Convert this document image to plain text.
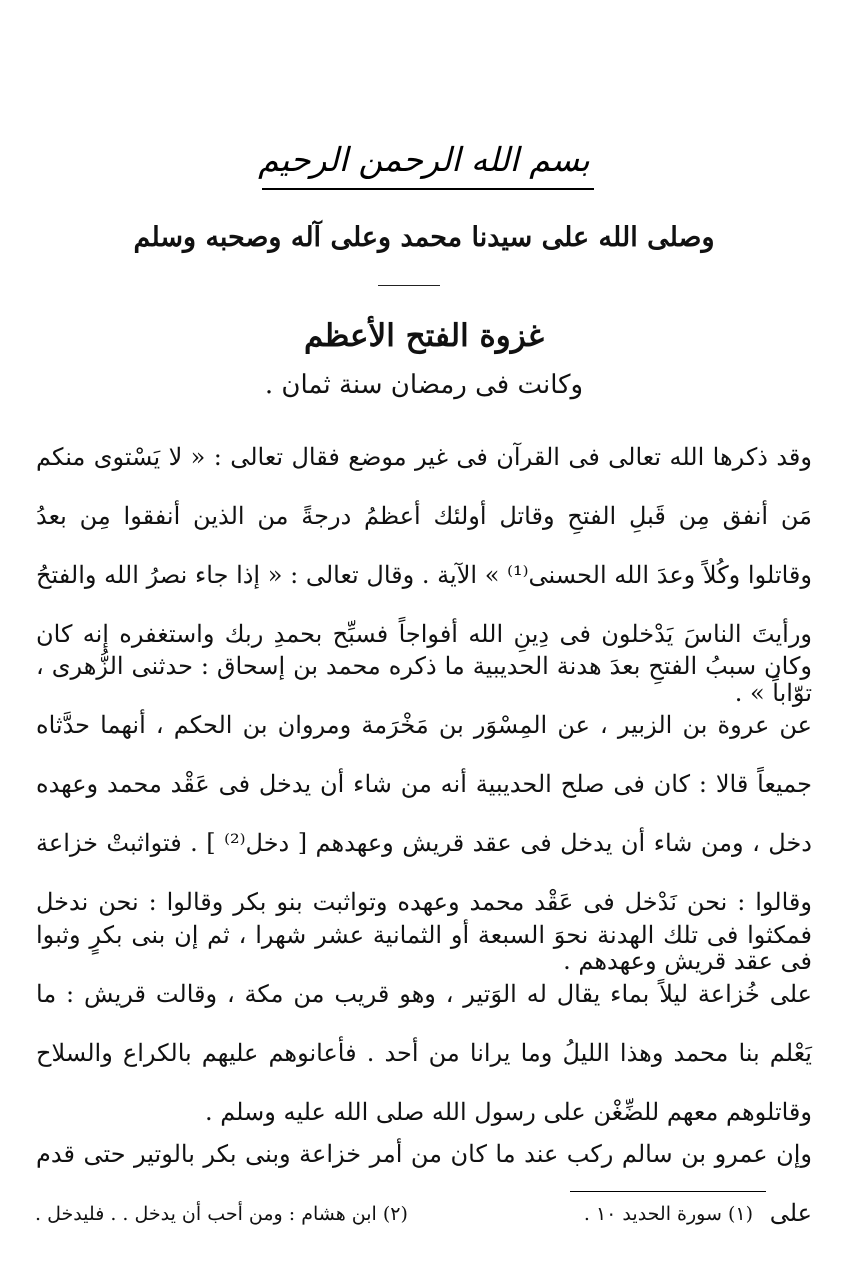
بسم الله الرحمن الرحيم
وصلى الله على سيدنا محمد وعلى آله وصحبه وسلم
غزوة الفتح الأعظم
وكانت فى رمضان سنة ثمان .

وقد ذكرها الله تعالى فى القرآن فى غير موضع فقال تعالى : « لا يَسْتوى منكم مَن أنفق مِن قَبلِ الفتحِ وقاتل أولئك أعظمُ درجةً من الذين أنفقوا مِن بعدُ وقاتلوا وكُلاً وعدَ الله الحسنى⁽¹⁾ » الآية . وقال تعالى : « إذا جاء نصرُ الله والفتحُ ورأيتَ الناسَ يَدْخلون فى دِينِ الله أفواجاً فسبِّح بحمدِ ربك واستغفره إنه كان توّاباً » .

وكان سببُ الفتحِ بعدَ هدنة الحديبية ما ذكره محمد بن إسحاق : حدثنى الزُّهرى ، عن عروة بن الزبير ، عن المِسْوَر بن مَخْرَمة ومروان بن الحكم ، أنهما حدَّثاه جميعاً قالا : كان فى صلح الحديبية أنه من شاء أن يدخل فى عَقْد محمد وعهده دخل ، ومن شاء أن يدخل فى عقد قريش وعهدهم [ دخل⁽²⁾ ] . فتواثبتْ خزاعة وقالوا : نحن نَدْخل فى عَقْد محمد وعهده وتواثبت بنو بكر وقالوا : نحن ندخل فى عقد قريش وعهدهم .

فمكثوا فى تلك الهدنة نحوَ السبعة أو الثمانية عشر شهرا ، ثم إن بنى بكرٍ وثبوا على خُزاعة ليلاً بماء يقال له الوَتير ، وهو قريب من مكة ، وقالت قريش : ما يَعْلم بنا محمد وهذا الليلُ وما يرانا من أحد . فأعانوهم عليهم بالكراع والسلاح وقاتلوهم معهم للضِّغْن على رسول الله صلى الله عليه وسلم .

وإن عمرو بن سالم ركب عند ما كان من أمر خزاعة وبنى بكر بالوتير حتى قدم على

(١) سورة الحديد ١٠ .
(٢) ابن هشام : ومن أحب أن يدخل . . فليدخل .
